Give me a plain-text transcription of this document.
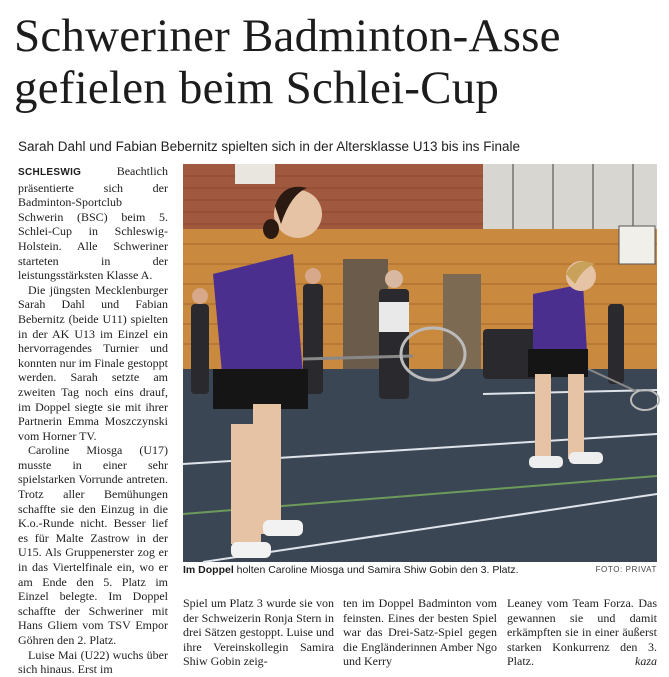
Schweriner Badminton-Asse
gefielen beim Schlei-Cup
Sarah Dahl und Fabian Bebernitz spielten sich in der Altersklasse U13 bis ins Finale

SCHLESWIG	Beachtlich präsentierte sich der Badminton-Sportclub Schwerin (BSC) beim 5. Schlei-Cup in Schleswig-Holstein. Alle Schweriner starteten in der leistungsstärksten Klasse A.

Die jüngsten Mecklenburger Sarah Dahl und Fabian Bebernitz (beide U11) spielten in der AK U13 im Einzel ein hervorragendes Turnier und konnten nur im Finale gestoppt werden. Sarah setzte am zweiten Tag noch eins drauf, im Doppel siegte sie mit ihrer Partnerin Emma Moszczynski vom Horner TV.

Caroline Miosga (U17) musste in einer sehr spielstarken Vorrunde antreten. Trotz aller Bemühungen schaffte sie den Einzug in die K.o.-Runde nicht. Besser lief es für Malte Zastrow in der U15. Als Gruppenerster zog er in das Viertelfinale ein, wo er am Ende den 5. Platz im Einzel belegte. Im Doppel schaffte der Schweriner mit Hans Gliem vom TSV Empor Göhren den 2. Platz.

Luise Mai (U22) wuchs über sich hinaus. Erst im

Im Doppel holten Caroline Miosga und Samira Shiw Gobin den 3. Platz.	FOTO: PRIVAT
Spiel um Platz 3 wurde sie von der Schweizerin Ronja Stern in drei Sätzen gestoppt. Luise und ihre Vereinskollegin Samira Shiw Gobin zeig-
ten im Doppel Badminton vom feinsten. Eines der besten Spiel war das Drei-Satz-Spiel gegen die Engländerinnen Amber Ngo und Kerry
Leaney vom Team Forza. Das gewannen sie und damit erkämpften sie in einer äußerst starken Konkurrenz den 3. Platz.	kaza
